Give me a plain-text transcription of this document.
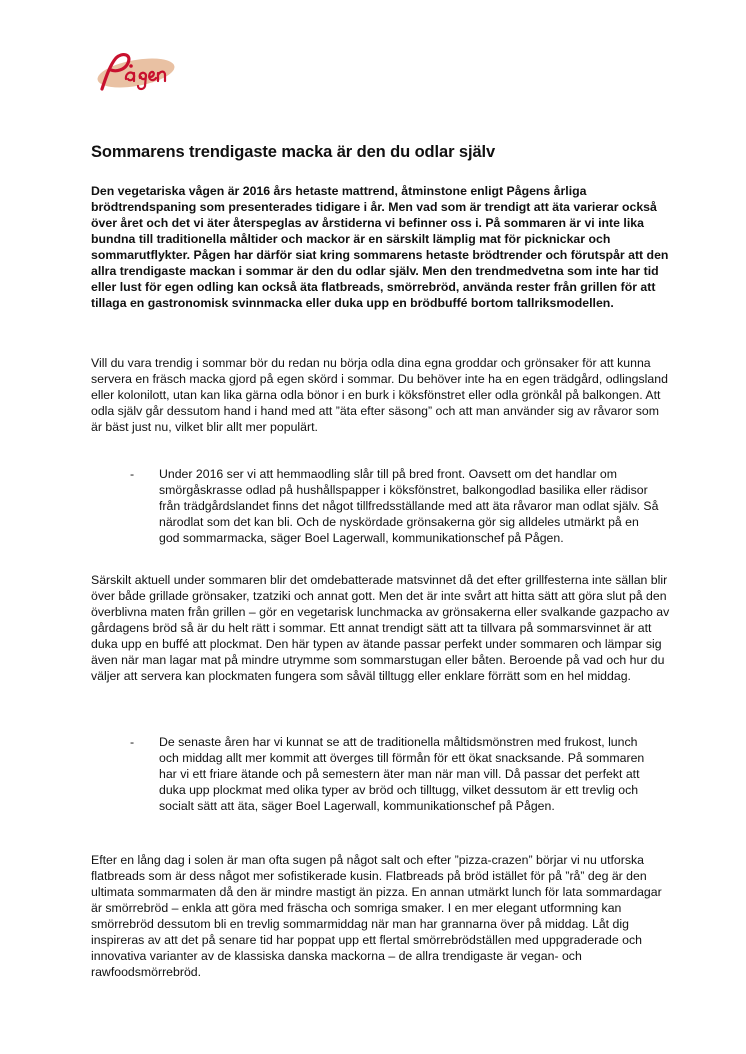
Sommarens trendigaste macka är den du odlar själv

Den vegetariska vågen är 2016 års hetaste mattrend, åtminstone enligt Pågens årliga brödtrendspaning som presenterades tidigare i år. Men vad som är trendigt att äta varierar också över året och det vi äter återspeglas av årstiderna vi befinner oss i. På sommaren är vi inte lika bundna till traditionella måltider och mackor är en särskilt lämplig mat för picknickar och sommarutflykter. Pågen har därför siat kring sommarens hetaste brödtrender och förutspår att den allra trendigaste mackan i sommar är den du odlar själv. Men den trendmedvetna som inte har tid eller lust för egen odling kan också äta flatbreads, smörrebröd, använda rester från grillen för att tillaga en gastronomisk svinnmacka eller duka upp en brödbuffé bortom tallriksmodellen.

Vill du vara trendig i sommar bör du redan nu börja odla dina egna groddar och grönsaker för att kunna servera en fräsch macka gjord på egen skörd i sommar. Du behöver inte ha en egen trädgård, odlingsland eller kolonilott, utan kan lika gärna odla bönor i en burk i köksfönstret eller odla grönkål på balkongen. Att odla själv går dessutom hand i hand med att ”äta efter säsong” och att man använder sig av råvaror som är bäst just nu, vilket blir allt mer populärt.

- Under 2016 ser vi att hemmaodling slår till på bred front. Oavsett om det handlar om smörgåskrasse odlad på hushållspapper i köksfönstret, balkongodlad basilika eller rädisor från trädgårdslandet finns det något tillfredsställande med att äta råvaror man odlat själv. Så närodlat som det kan bli. Och de nyskördade grönsakerna gör sig alldeles utmärkt på en god sommarmacka, säger Boel Lagerwall, kommunikationschef på Pågen.

Särskilt aktuell under sommaren blir det omdebatterade matsvinnet då det efter grillfesterna inte sällan blir över både grillade grönsaker, tzatziki och annat gott. Men det är inte svårt att hitta sätt att göra slut på den överblivna maten från grillen – gör en vegetarisk lunchmacka av grönsakerna eller svalkande gazpacho av gårdagens bröd så är du helt rätt i sommar. Ett annat trendigt sätt att ta tillvara på sommarsvinnet är att duka upp en buffé att plockmat. Den här typen av ätande passar perfekt under sommaren och lämpar sig även när man lagar mat på mindre utrymme som sommarstugan eller båten. Beroende på vad och hur du väljer att servera kan plockmaten fungera som såväl tilltugg eller enklare förrätt som en hel middag.

- De senaste åren har vi kunnat se att de traditionella måltidsmönstren med frukost, lunch och middag allt mer kommit att överges till förmån för ett ökat snacksande. På sommaren har vi ett friare ätande och på semestern äter man när man vill. Då passar det perfekt att duka upp plockmat med olika typer av bröd och tilltugg, vilket dessutom är ett trevlig och socialt sätt att äta, säger Boel Lagerwall, kommunikationschef på Pågen.

Efter en lång dag i solen är man ofta sugen på något salt och efter ”pizza-crazen” börjar vi nu utforska flatbreads som är dess något mer sofistikerade kusin. Flatbreads på bröd istället för på ”rå” deg är den ultimata sommarmaten då den är mindre mastigt än pizza. En annan utmärkt lunch för lata sommardagar är smörrebröd – enkla att göra med fräscha och somriga smaker. I en mer elegant utformning kan smörrebröd dessutom bli en trevlig sommarmiddag när man har grannarna över på middag. Låt dig inspireras av att det på senare tid har poppat upp ett flertal smörrebrödställen med uppgraderade och innovativa varianter av de klassiska danska mackorna – de allra trendigaste är vegan- och rawfoodsmörrebröd.
